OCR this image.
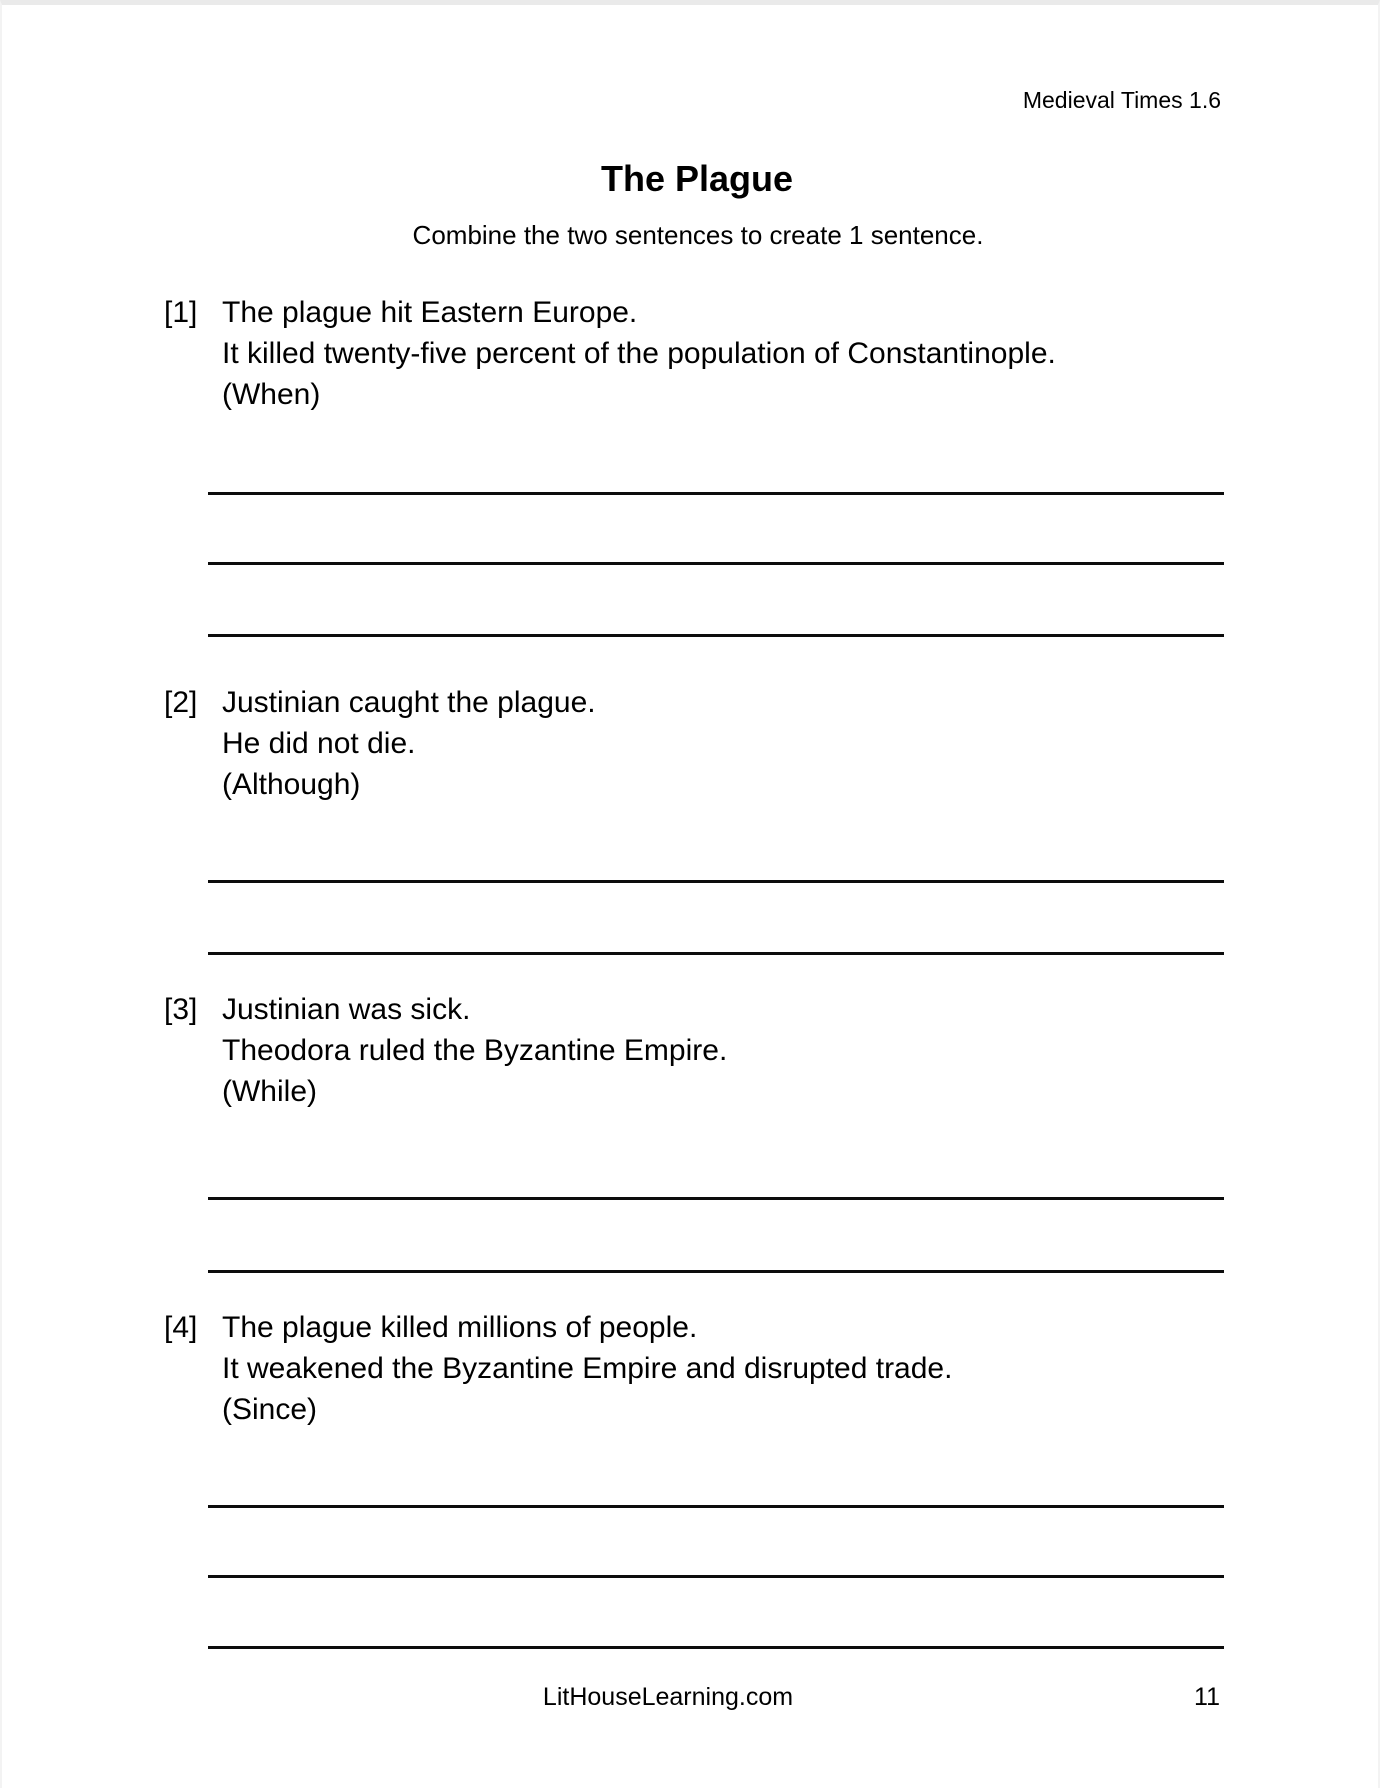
Medieval Times 1.6
The Plague
Combine the two sentences to create 1 sentence.
[1] The plague hit Eastern Europe.
It killed twenty-five percent of the population of Constantinople.
(When)
[2] Justinian caught the plague.
He did not die.
(Although)
[3] Justinian was sick.
Theodora ruled the Byzantine Empire.
(While)
[4] The plague killed millions of people.
It weakened the Byzantine Empire and disrupted trade.
(Since)
LitHouseLearning.com	11
